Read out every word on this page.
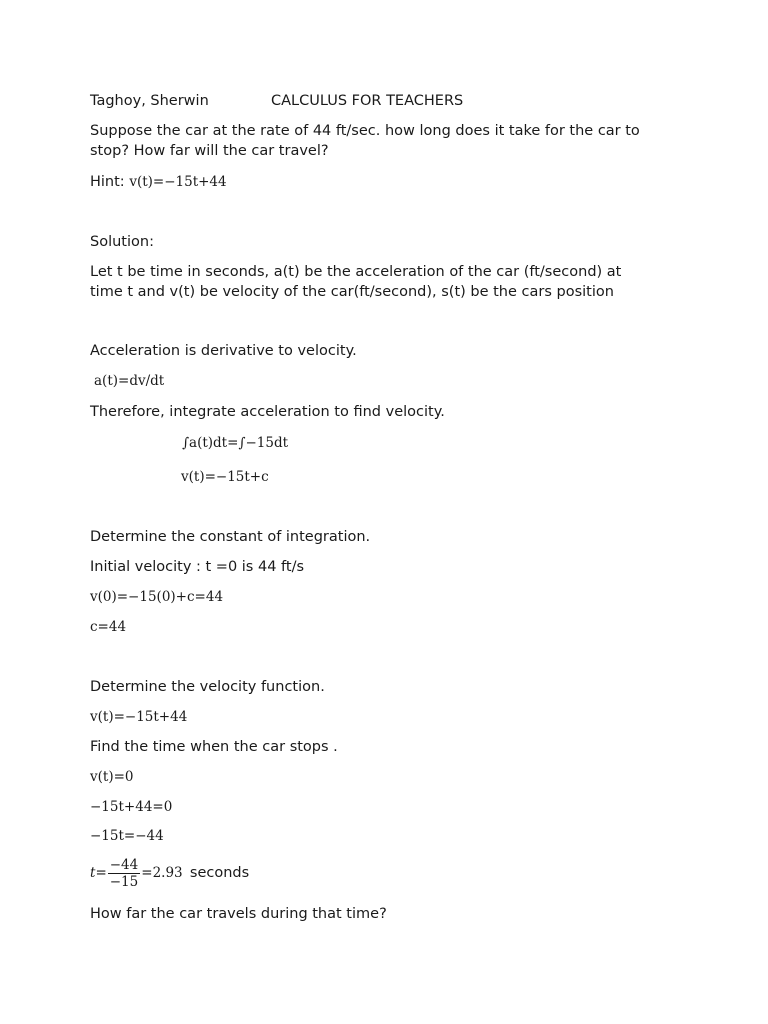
Taghoy, Sherwin	CALCULUS FOR TEACHERS
Suppose the car at the rate of 44 ft/sec. how long does it take for the car to
stop? How far will the car travel?
Hint: v(t)=−15t+44
Solution:
Let t be time in seconds, a(t) be the acceleration of the car (ft/second) at
time t and v(t) be velocity of the car(ft/second), s(t) be the cars position
Acceleration is derivative to velocity.
a(t)=dv/dt
Therefore, integrate acceleration to find velocity.
∫a(t)dt=∫−15dt
v(t)=−15t+c
Determine the constant of integration.
Initial velocity : t =0 is 44 ft/s
v(0)=−15(0)+c=44
c=44
Determine the velocity function.
v(t)=−15t+44
Find the time when the car stops .
v(t)=0
−15t+44=0
−15t=−44
$t= \frac{-44}{-15} =2.93$ seconds
How far the car travels during that time?
